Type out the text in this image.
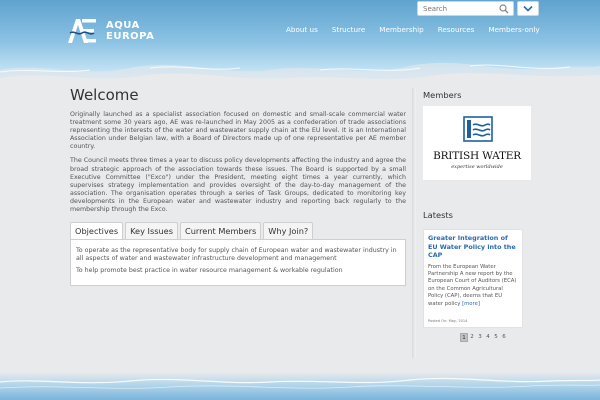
AQUA
EUROPA
Search
About us Structure Membership Resources Members-only
Welcome

Originally launched as a specialist association focused on domestic and small-scale commercial water treatment some 30 years ago, AE was re-launched in May 2005 as a confederation of trade associations representing the interests of the water and wastewater supply chain at the EU level. It is an International Association under Belgian law, with a Board of Directors made up of one representative per AE member country.

The Council meets three times a year to discuss policy developments affecting the industry and agree the broad strategic approach of the association towards these issues. The Board is supported by a small Executive Committee ("Exco") under the President, meeting eight times a year currently, which supervises strategy implementation and provides oversight of the day-to-day management of the association. The organisation operates through a series of Task Groups, dedicated to monitoring key developments in the European water and wastewater industry and reporting back regularly to the membership through the Exco.

Objectives	Key Issues	Current Members	Why Join?

To operate as the representative body for supply chain of European water and wastewater industry in all aspects of water and wastewater infrastructure development and management

To help promote best practice in water resource management & workable regulation

Members
BRITISH WATER
expertise worldwide
Latests
Greater Integration of EU Water Policy into the CAP
From the European Water Partnership A new report by the European Court of Auditors (ECA) on the Common Agricultural Policy (CAP), deems that EU water policy [more]
Posted On: May, 2014
1 2 3 4 5 6
